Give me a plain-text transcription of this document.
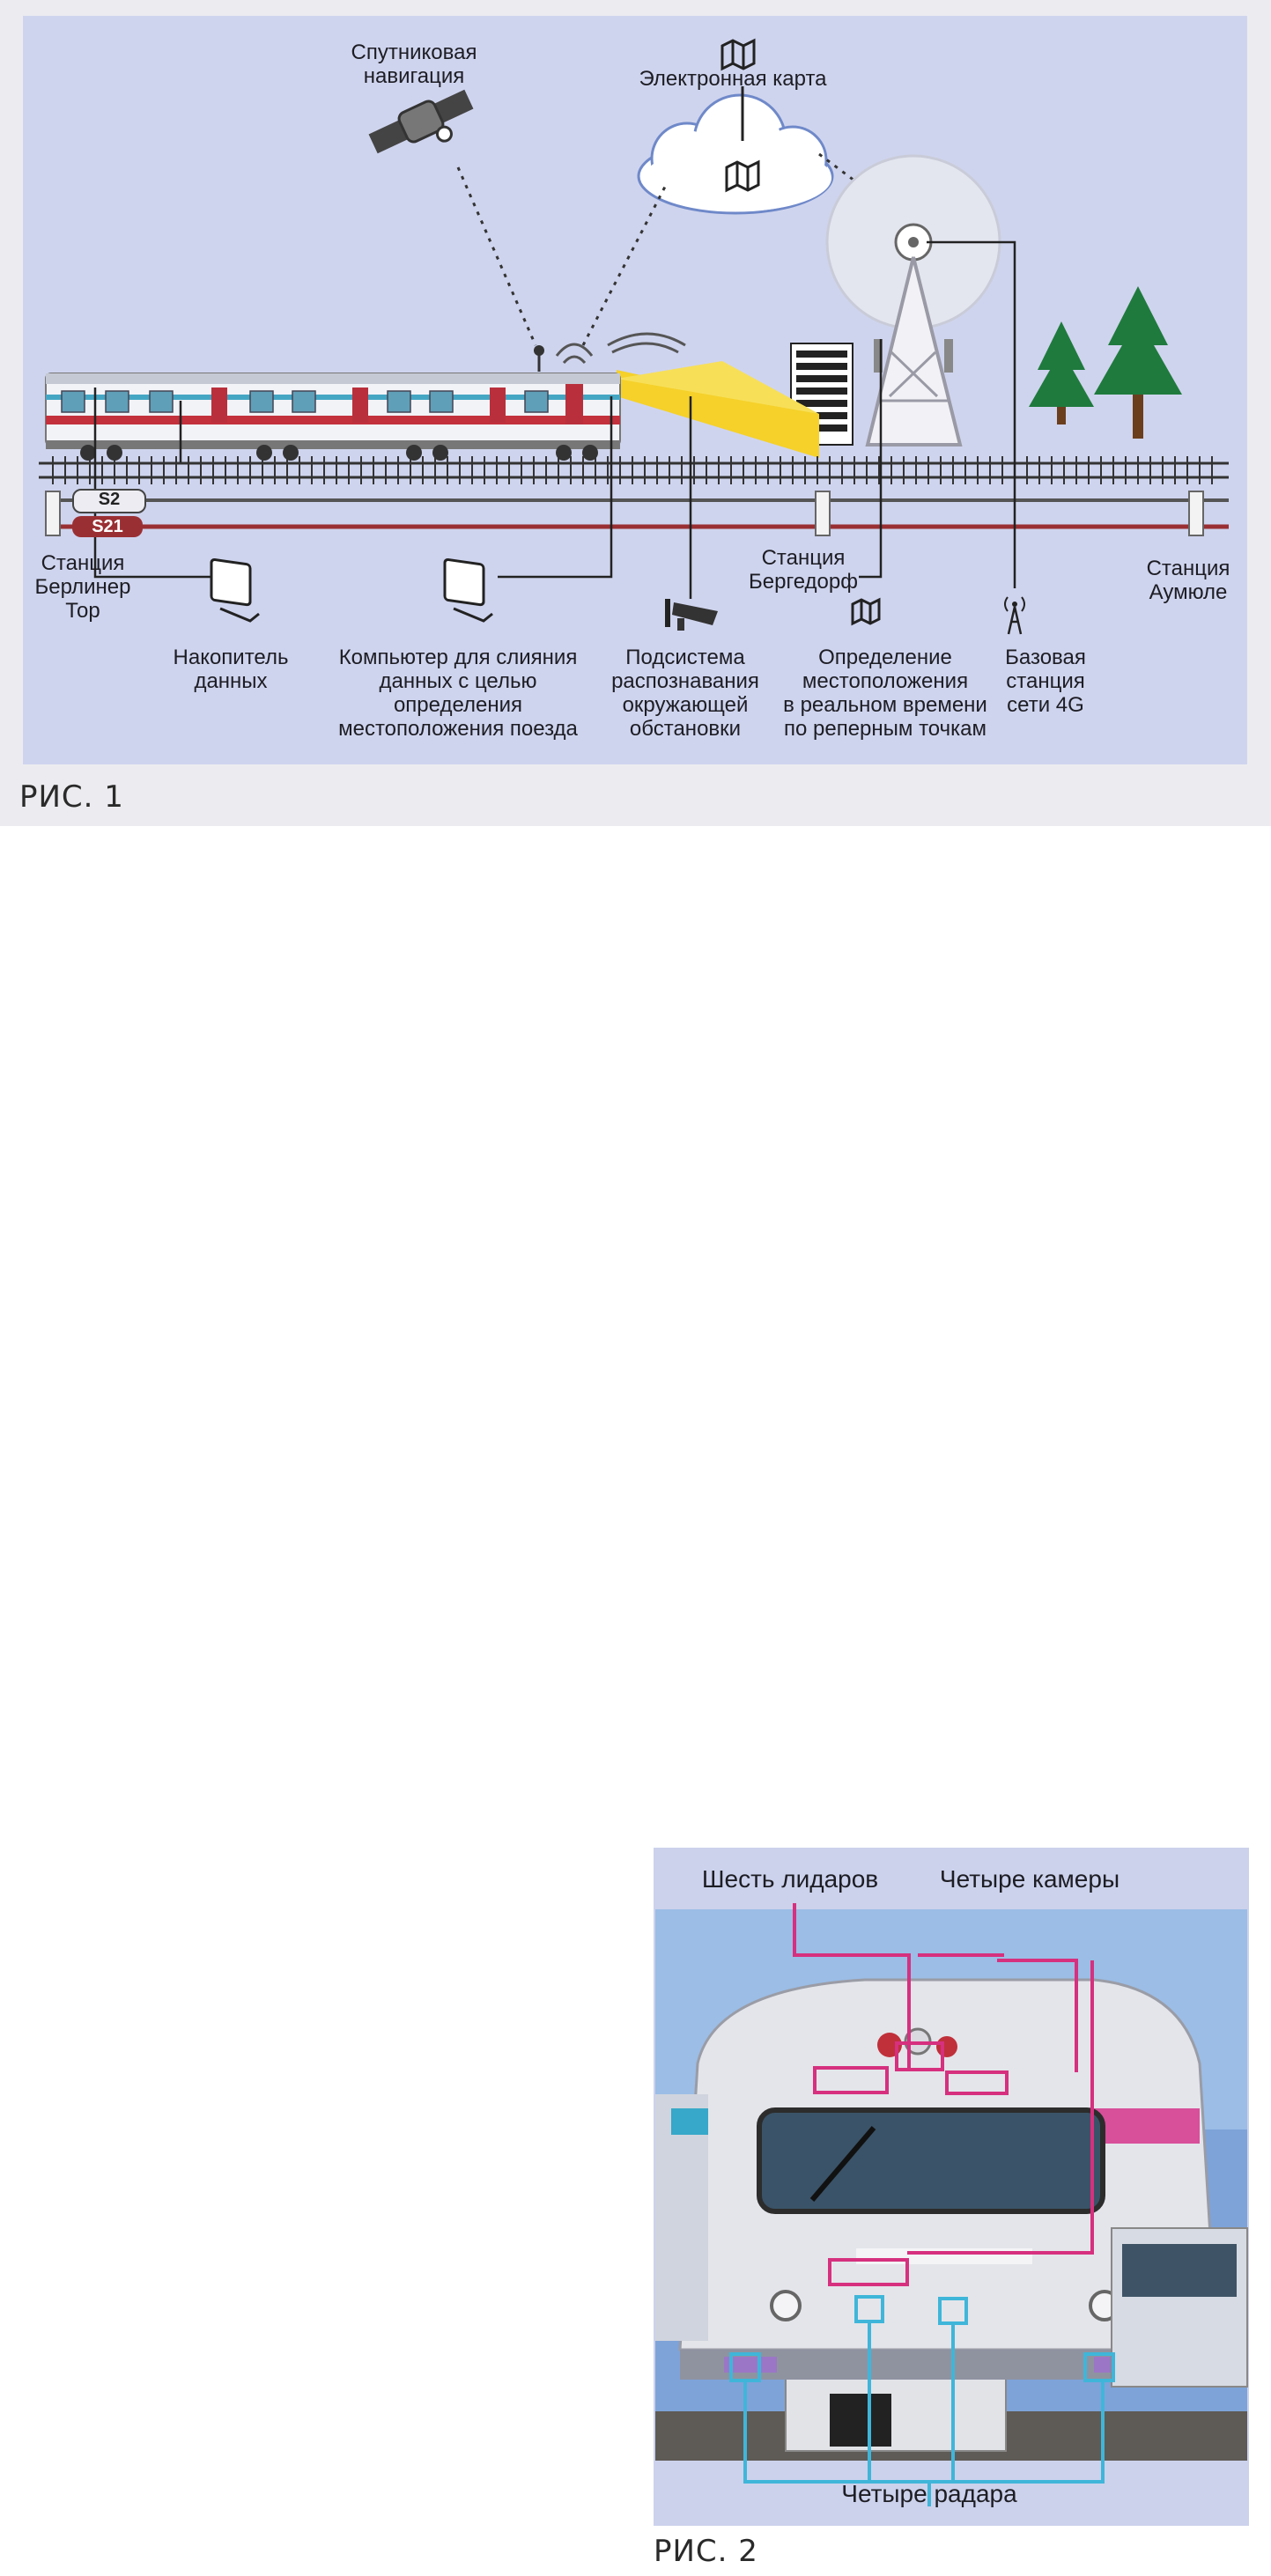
S2
S21
Спутниковая
навигация	Электронная карта
Станция
Берлинер
Тор
Станция
Бергедорф
Станция
Аумюле
Накопитель
данных
Компьютер для слияния
данных с целью
определения
местоположения поезда
Подсистема
распознавания
окружающей
обстановки
Определение
местоположения
в реальном времени
по реперным точкам
Базовая
станция
сети 4G
РИС. 1
Шесть лидаров Четыре камеры
Четыре радара
РИС. 2
